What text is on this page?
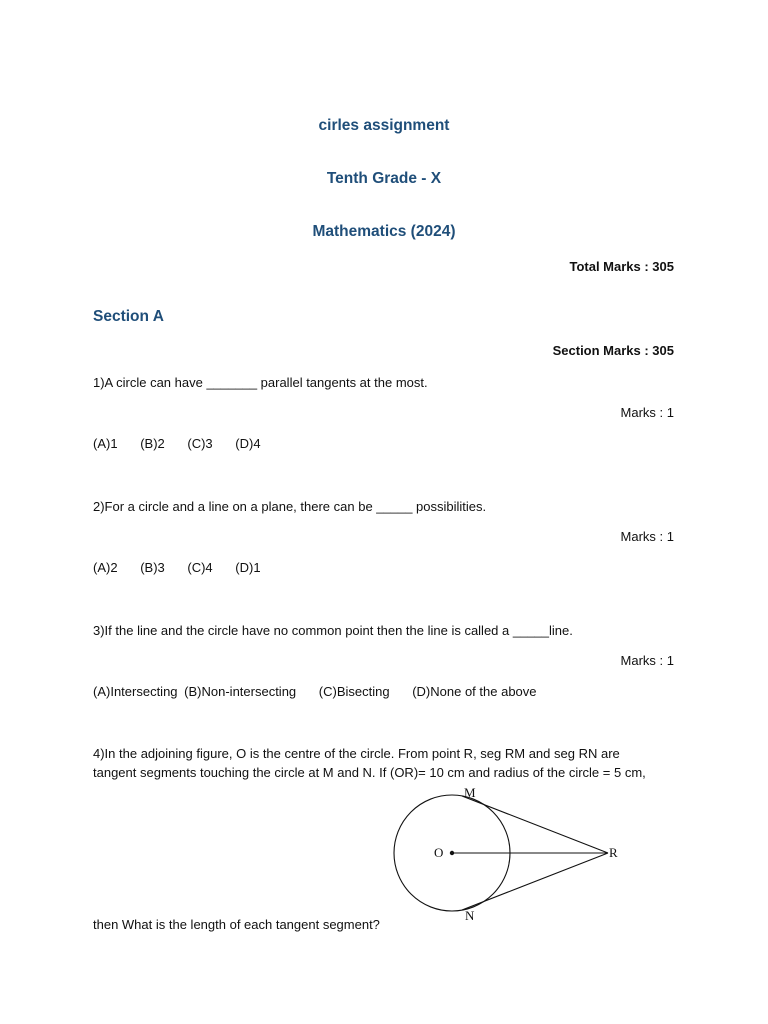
cirles assignment
Tenth Grade - X
Mathematics (2024)
Total Marks : 305
Section A
Section Marks : 305
1)A circle can have _______ parallel tangents at the most.
Marks : 1
(A)1 (B)2 (C)3 (D)4
2)For a circle and a line on a plane, there can be _____ possibilities.
Marks : 1
(A)2 (B)3 (C)4 (D)1
3)If the line and the circle have no common point then the line is called a _____line.
Marks : 1
(A)Intersecting (B)Non-intersecting (C)Bisecting (D)None of the above
4)In the adjoining figure, O is the centre of the circle. From point R, seg RM and seg RN are
tangent segments touching the circle at M and N. If (OR)= 10 cm and radius of the circle = 5 cm,
M
N
O	R
then What is the length of each tangent segment?
